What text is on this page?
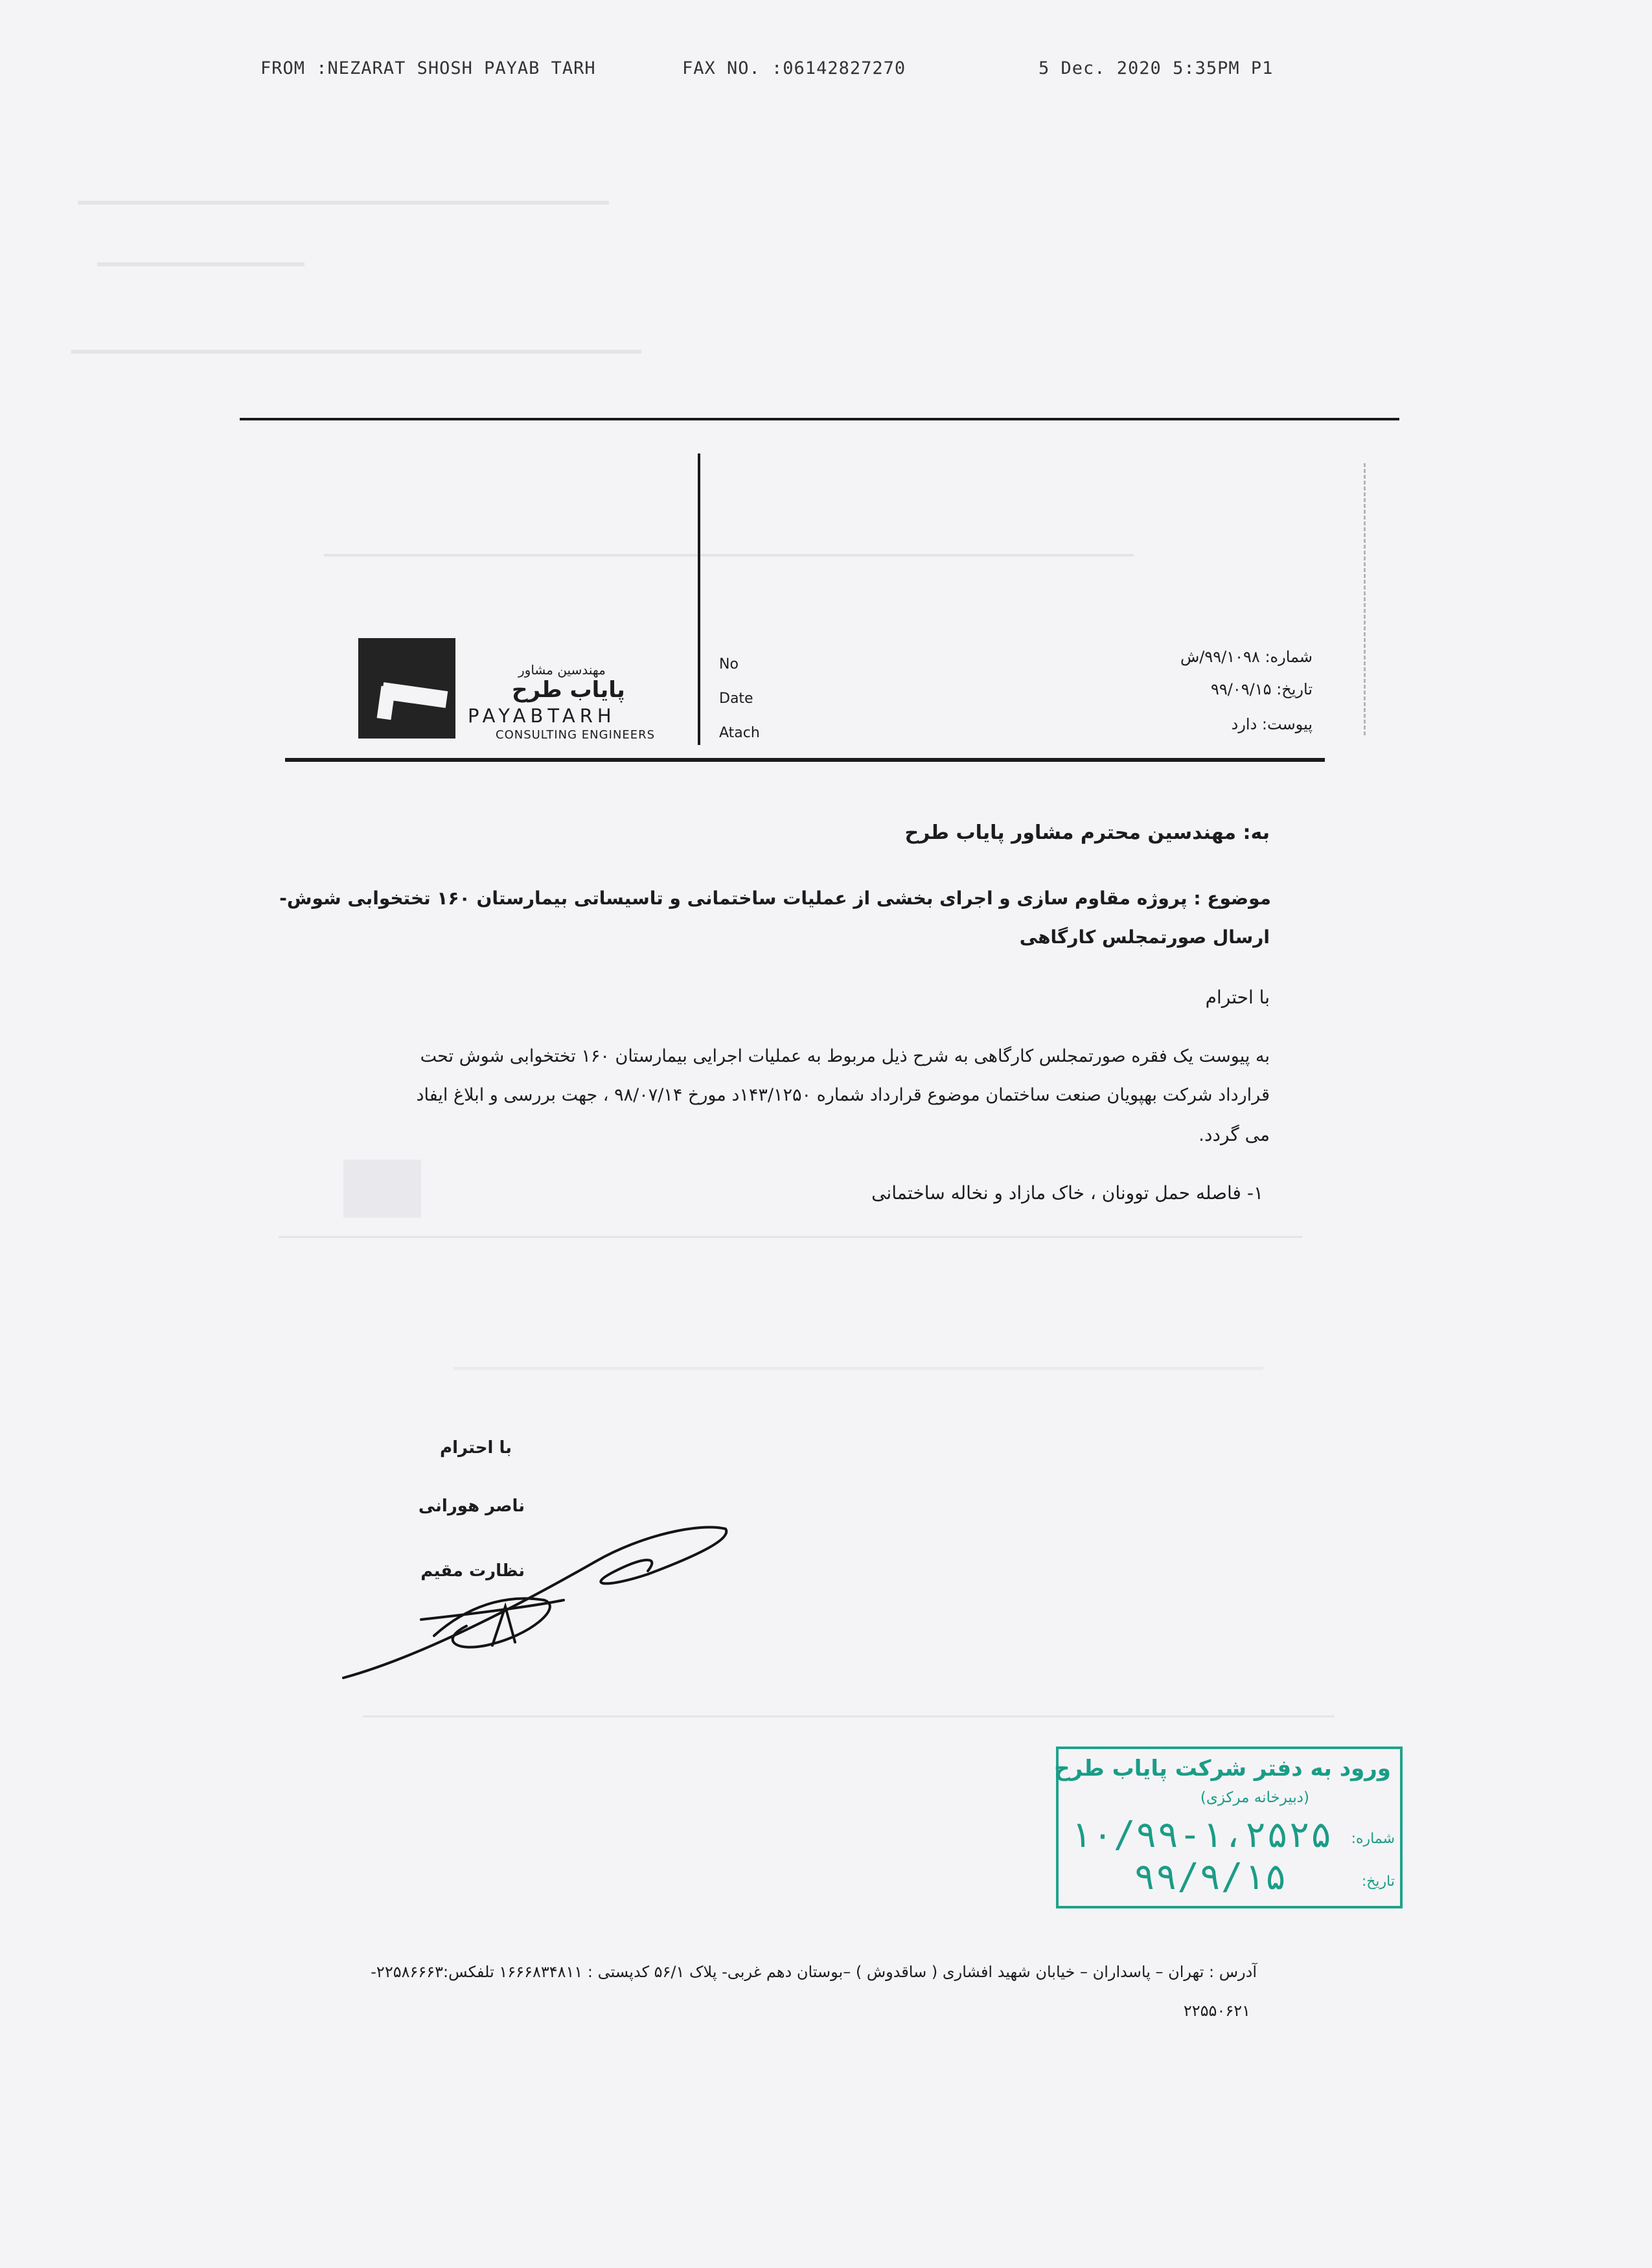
FROM :NEZARAT SHOSH PAYAB TARH	FAX NO. :06142827270	5 Dec. 2020 5:35PM P1
مهندسین مشاور
پایاب طرح
PAYABTARH
CONSULTING ENGINEERS
No
Date
Atach
شماره: ۹۹/۱۰۹۸/ش
تاریخ: ۹۹/۰۹/۱۵
پیوست: دارد
به: مهندسین محترم مشاور پایاب طرح
موضوع : پروژه مقاوم سازی و اجرای بخشی از عملیات ساختمانی و تاسیساتی بیمارستان ۱۶۰ تختخوابی شوش-
ارسال صورتمجلس کارگاهی
با احترام
به پیوست یک فقره صورتمجلس کارگاهی به شرح ذیل مربوط به عملیات اجرایی بیمارستان ۱۶۰ تختخوابی شوش تحت
قرارداد شرکت بهپویان صنعت ساختمان موضوع قرارداد شماره ۱۴۳/۱۲۵۰د مورخ ۹۸/۰۷/۱۴ ، جهت بررسی و ابلاغ ایفاد
می گردد.
۱- فاصله حمل توونان ، خاک مازاد و نخاله ساختمانی
با احترام
ناصر هورانی
نظارت مقیم
ورود به دفتر شرکت پایاب طرح
(دبیرخانه مرکزی)
شماره:
۱۰/۹۹-۱،۲۵۲۵
تاریخ:
۹۹/۹/۱۵
آدرس : تهران – پاسداران – خیابان شهید افشاری ( ساقدوش ) –بوستان دهم غربی- پلاک ۵۶/۱ کدپستی : ۱۶۶۶۸۳۴۸۱۱ تلفکس:۲۲۵۸۶۶۶۳-
۲۲۵۵۰۶۲۱
